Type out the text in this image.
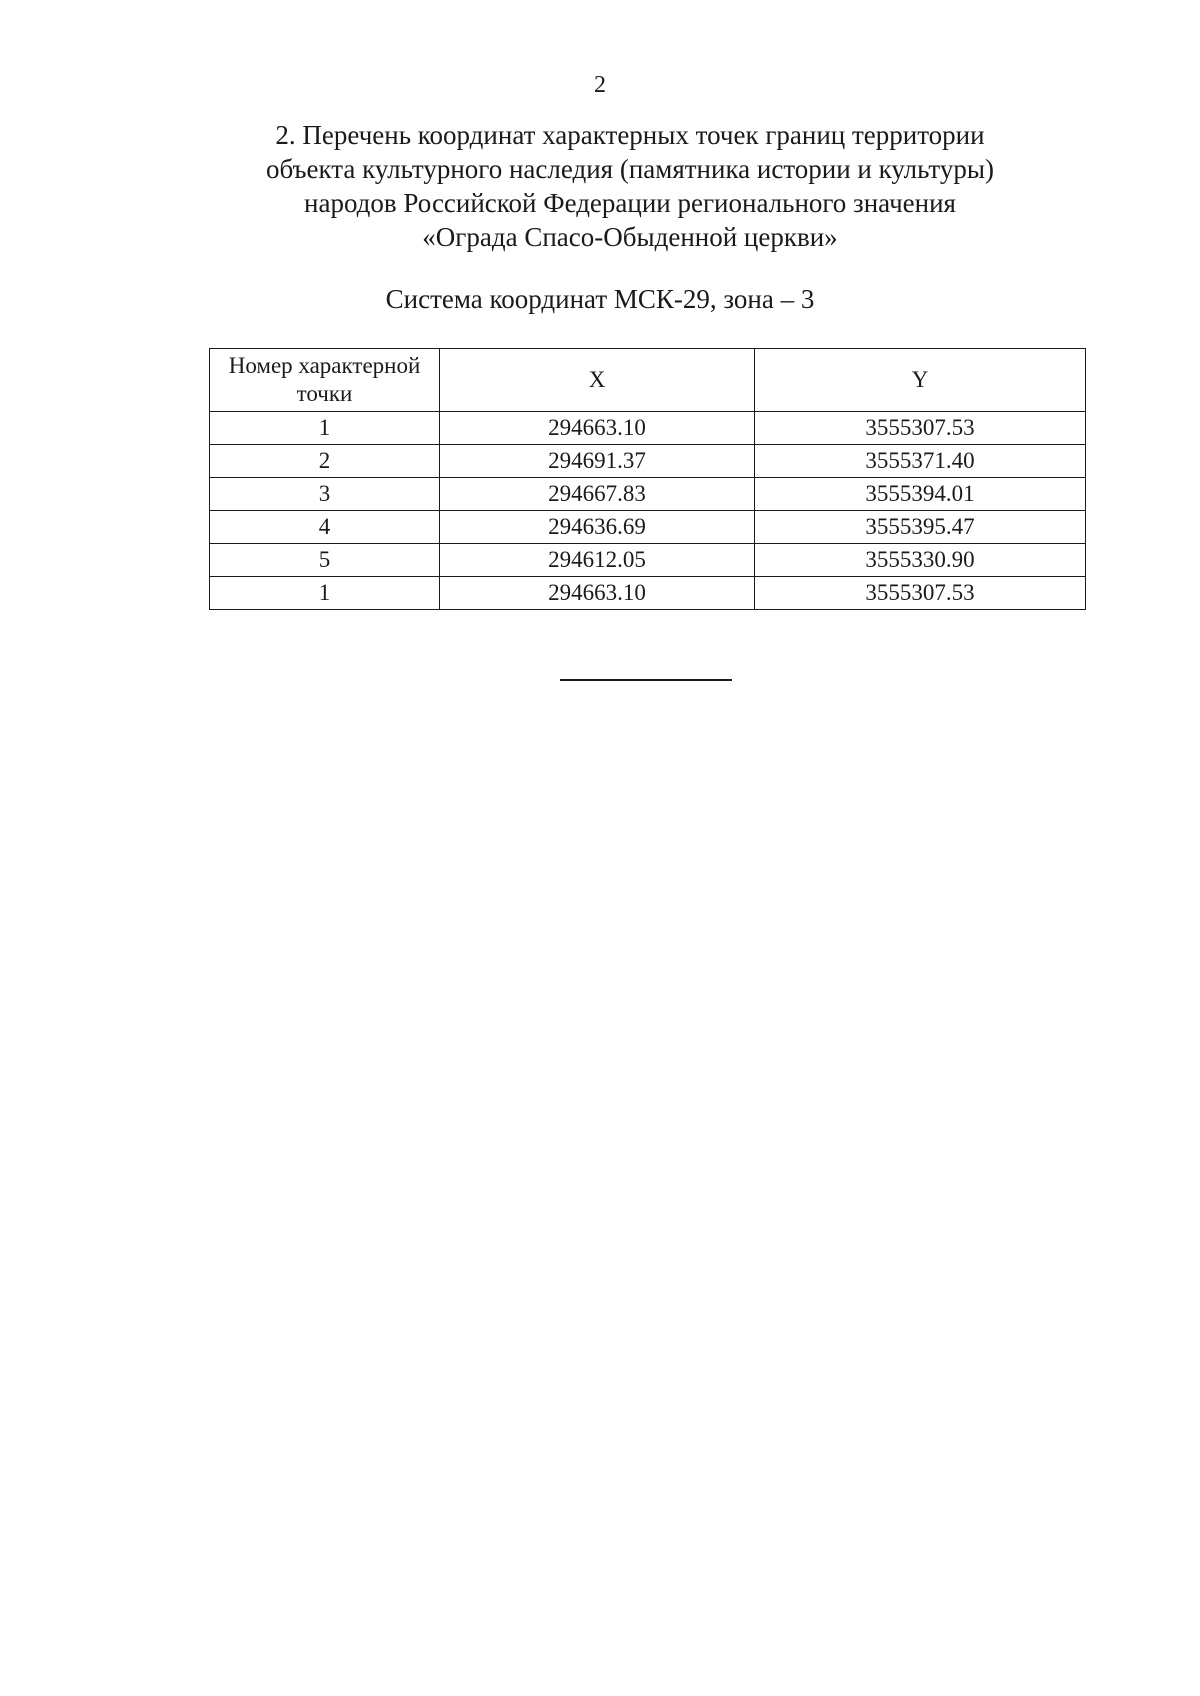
2
2. Перечень координат характерных точек границ территории
объекта культурного наследия (памятника истории и культуры)
народов Российской Федерации регионального значения
«Ограда Спасо-Обыденной церкви»
Система координат МСК-29, зона – 3
Номер характерной точки	X	Y
1	294663.10	3555307.53
2	294691.37	3555371.40
3	294667.83	3555394.01
4	294636.69	3555395.47
5	294612.05	3555330.90
1	294663.10	3555307.53
